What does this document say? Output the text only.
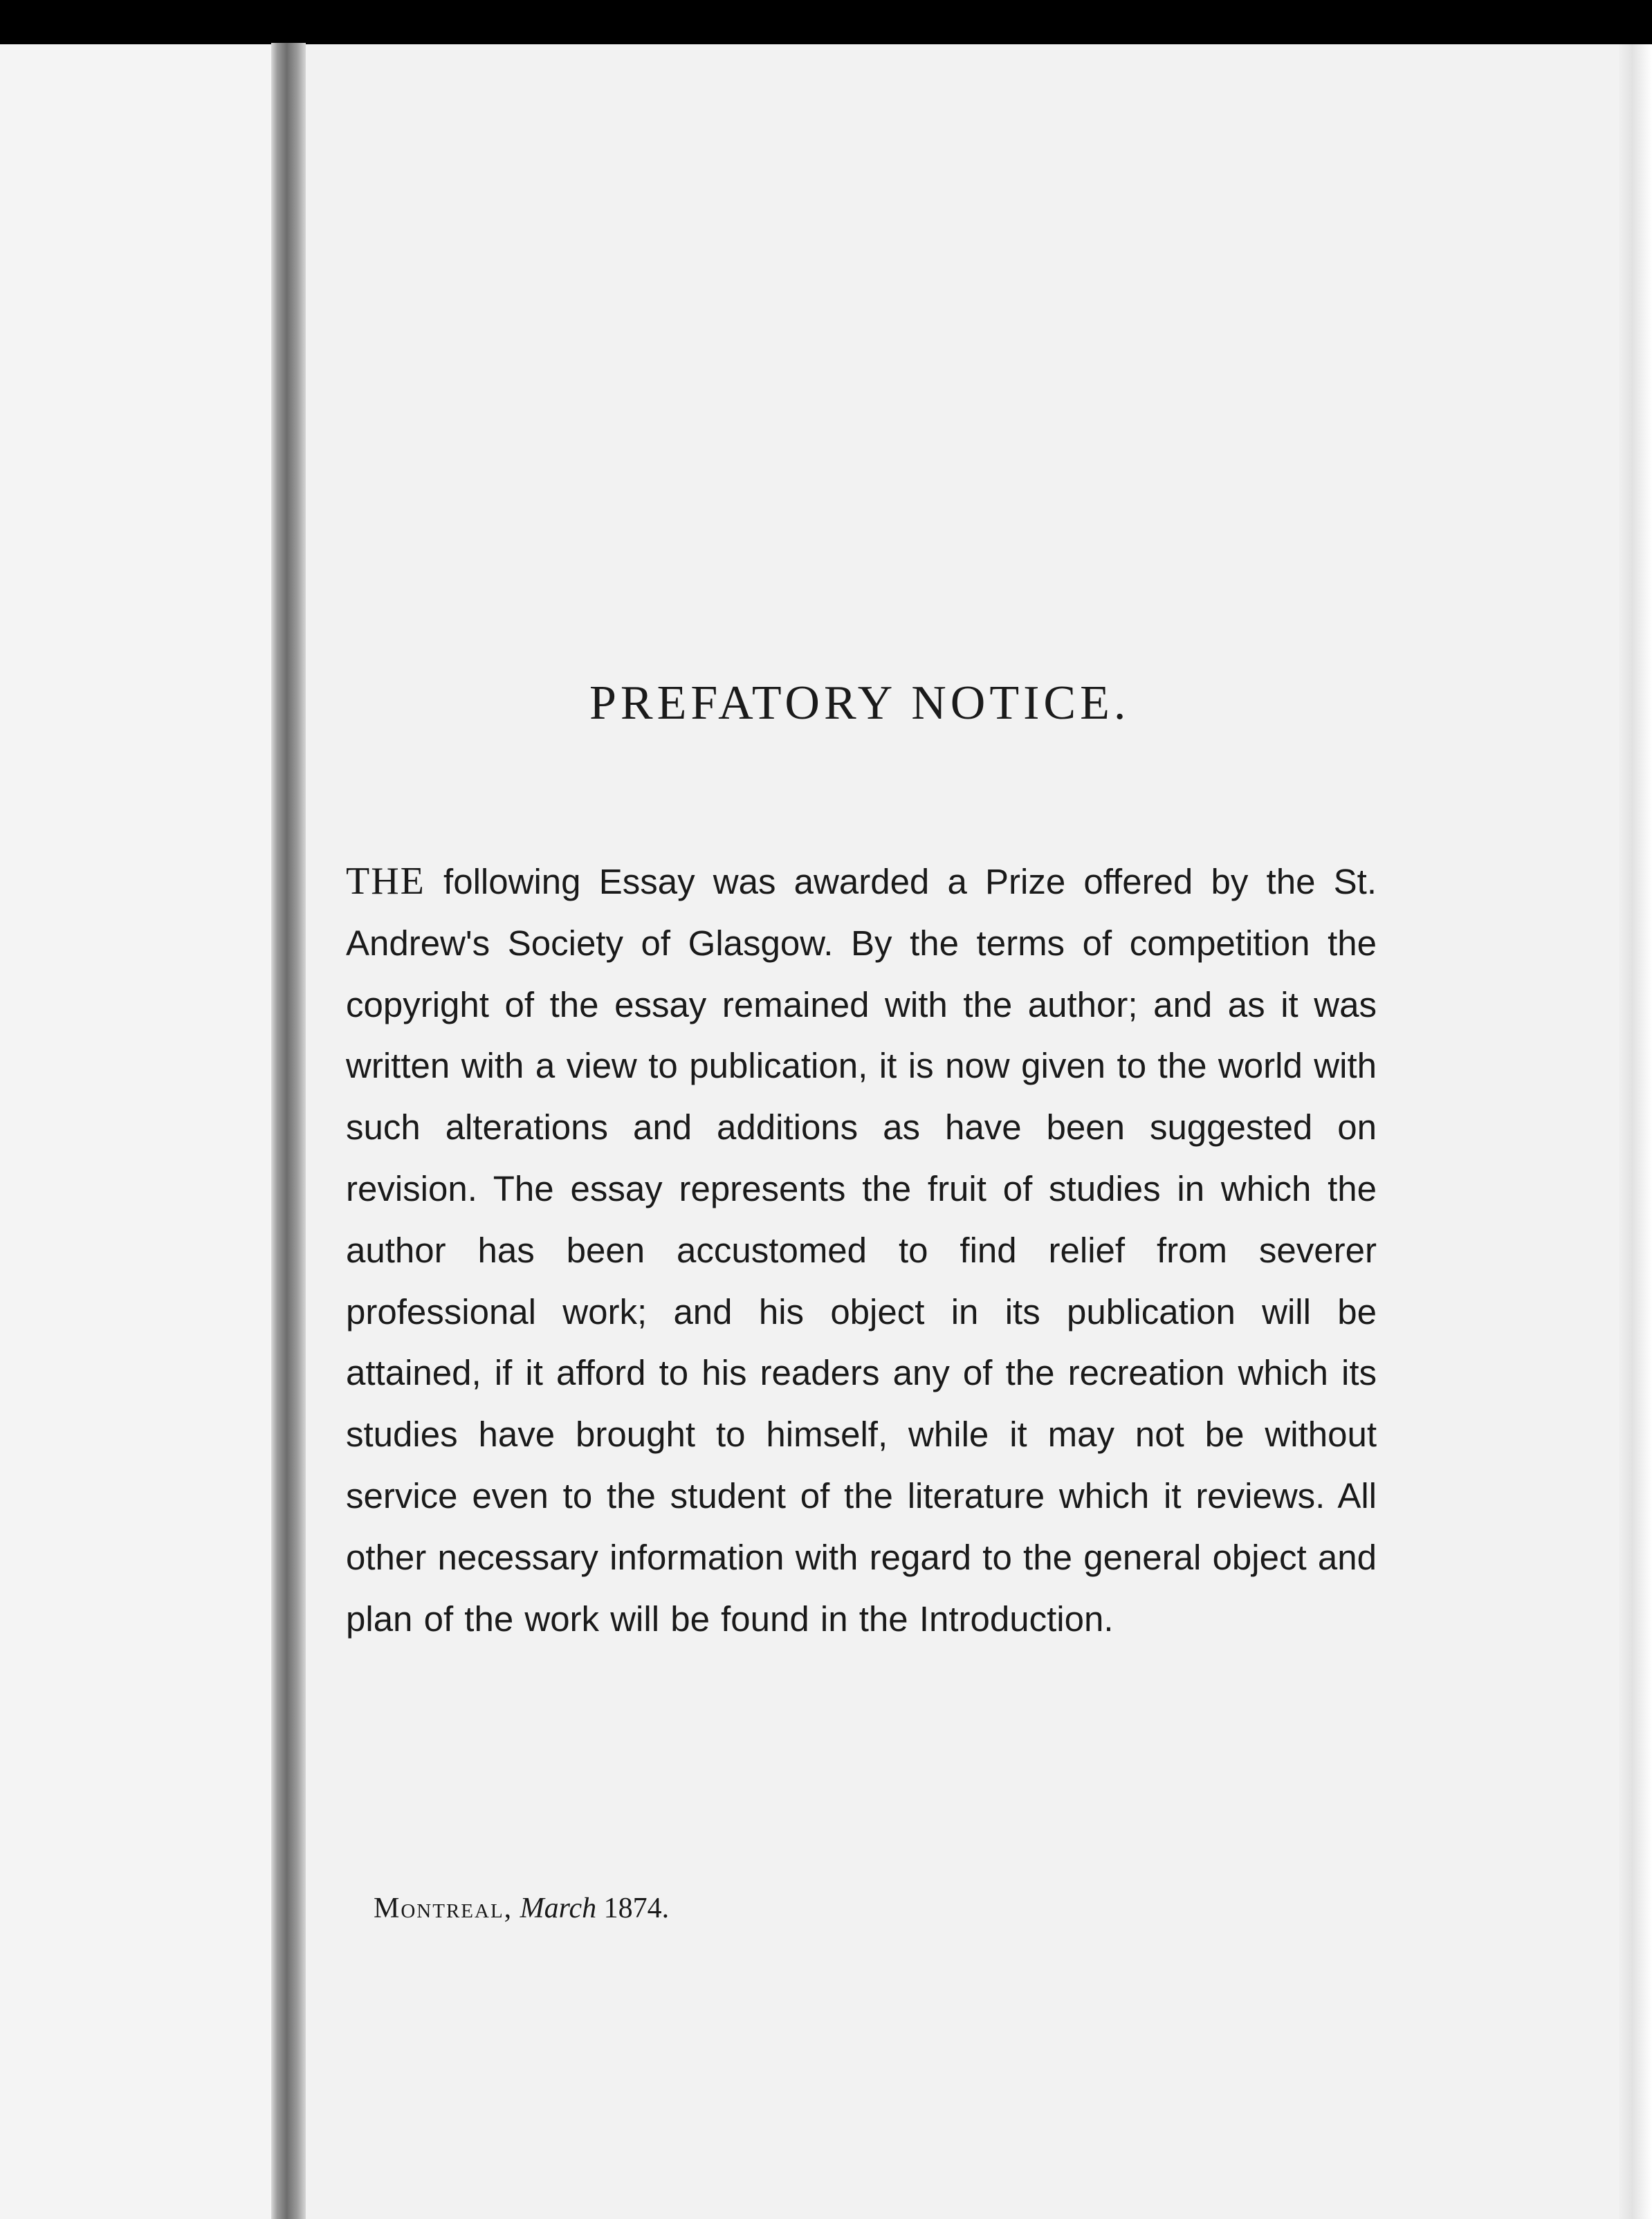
PREFATORY NOTICE.

THE following Essay was awarded a Prize offered by the St. Andrew's Society of Glasgow. By the terms of competition the copyright of the essay remained with the author; and as it was written with a view to publication, it is now given to the world with such alterations and additions as have been suggested on revision. The essay represents the fruit of studies in which the author has been accustomed to find relief from severer professional work; and his object in its publication will be attained, if it afford to his readers any of the recreation which its studies have brought to himself, while it may not be without service even to the student of the literature which it reviews. All other necessary information with regard to the general object and plan of the work will be found in the Introduction.

Montreal, March 1874.
